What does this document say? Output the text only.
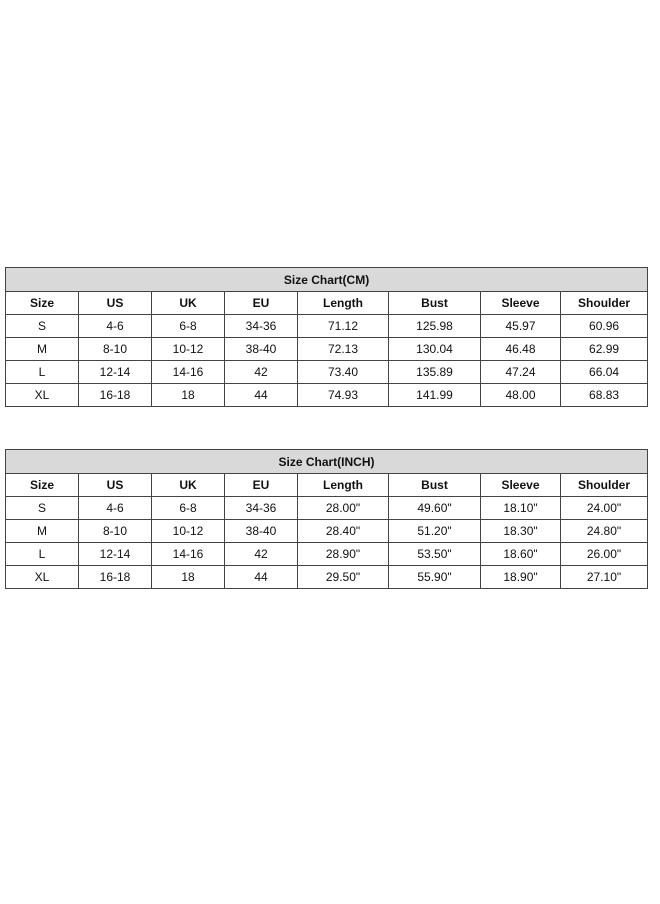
Size Chart(CM)							
Size	US	UK	EU	Length	Bust	Sleeve	Shoulder
S	4-6	6-8	34-36	71.12	125.98	45.97	60.96
M	8-10	10-12	38-40	72.13	130.04	46.48	62.99
L	12-14	14-16	42	73.40	135.89	47.24	66.04
XL	16-18	18	44	74.93	141.99	48.00	68.83
Size Chart(INCH)							
Size	US	UK	EU	Length	Bust	Sleeve	Shoulder
S	4-6	6-8	34-36	28.00"	49.60"	18.10"	24.00"
M	8-10	10-12	38-40	28.40"	51.20"	18.30"	24.80"
L	12-14	14-16	42	28.90"	53.50"	18.60"	26.00"
XL	16-18	18	44	29.50"	55.90"	18.90"	27.10"
